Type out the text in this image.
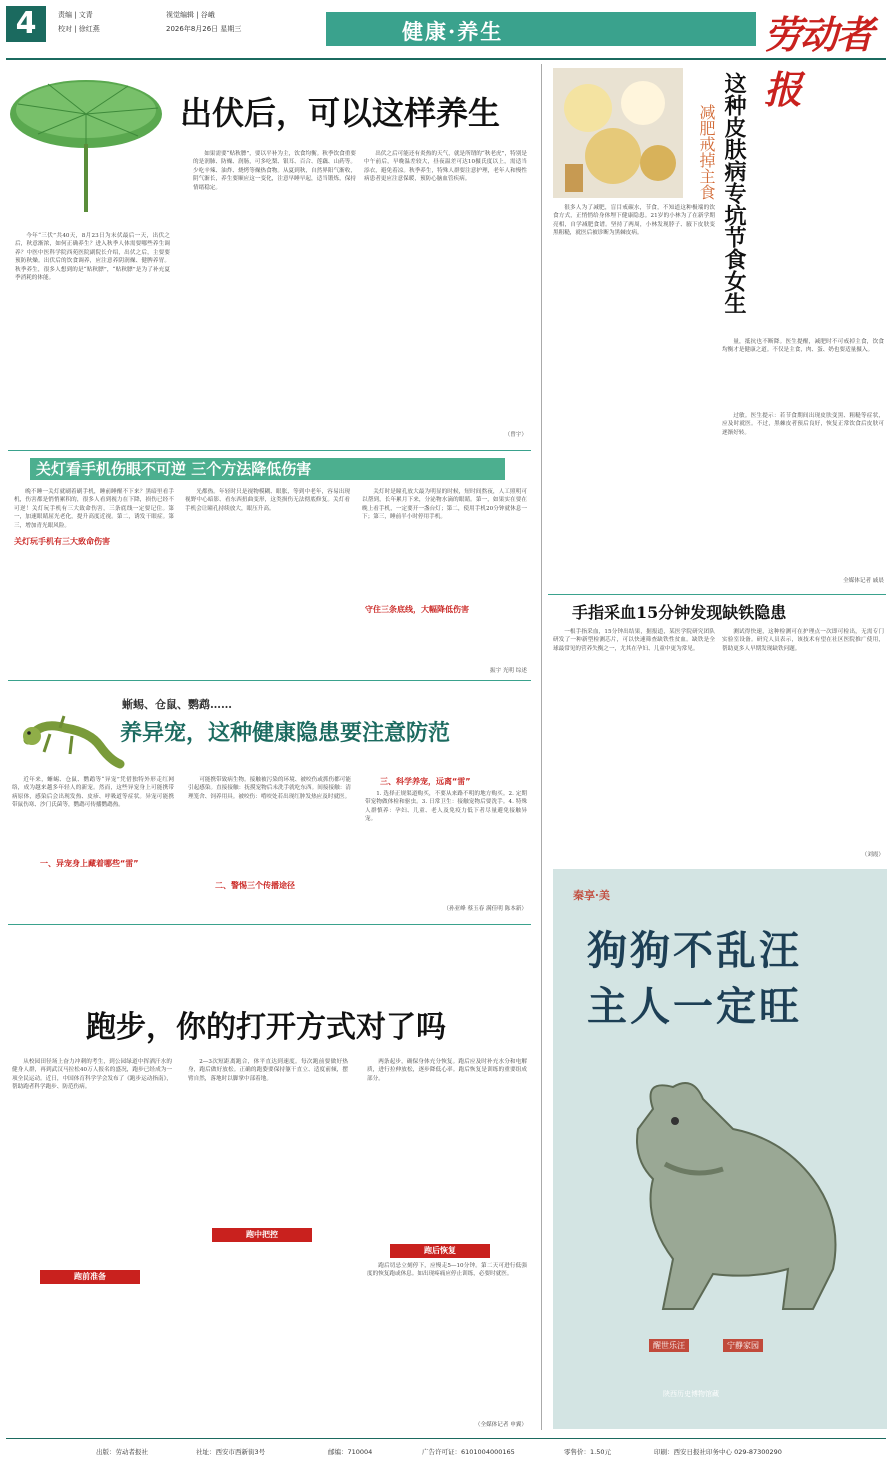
4	责编 | 文青
校对 | 徐红燕
视觉编辑 | 谷峨
2026年8月26日 星期三	健康·养生	劳动者报
出伏后，可以这样养生

今年“三伏”共40天，8月23日为末伏最后一天，出伏之后，秋意渐浓，如何正确养生？进入秋季人体需要哪些养生调养？中医中医科学院西苑医院副院长介绍，出伏之后，主要要预防秋燥。出伏后的饮食调养，应注意养阴润燥、健脾养胃。秋季养生，很多人想到的是“贴秋膘”，“贴秋膘”是为了补充夏季消耗的体能。

如果需要“贴秋膘”，要以平补为主，饮食均衡。秋季饮食重要的是润肺、防燥、润肠，可多吃梨、银耳、百合、莲藕、山药等。少吃辛辣、油炸、烧烤等燥热食物。从夏到秋，自然界阳气渐收，阴气渐长，养生要顺应这一变化，注意早睡早起，适当锻炼，保持情绪稳定。

出伏之后可能还有炎热的天气，就是所谓的“秋老虎”，特别是中午前后，早晚温差较大，昼夜温差可达10摄氏度以上，需适当添衣，避免着凉。秋季养生，特殊人群要注意护理，老年人和慢性病患者更应注意保暖，预防心脑血管疾病。

（曾宇）
关灯看手机伤眼不可逆 三个方法降低伤害
关灯玩手机有三大致命伤害

晚不睡一关灯就刷着刷手机，睡前睡醒不下来？黑暗里看手机，伤害都是悄悄累积的，很多人看到视力在下降，损伤已经不可逆！关灯玩手机有三大致命伤害，三条底线一定要记住。第一，加速眼睛屈光老化，提升高度近视。第二，诱发干眼症。第三，增加青光眼风险。

光都热。年轻时只是视物模糊、眼胀，等到中老年，容易出现视野中心暗影、看东西扭曲变形，这类损伤无法彻底修复。关灯看手机会让瞳孔持续放大，眼压升高。

守住三条底线，大幅降低伤害

关灯时是瞳孔放大最为明显的时候，短时间熬夜，人工照明可以帮到，长年累月下来，分泌物水滴的眼睛。第一，如果实在要在晚上看手机，一定要开一盏台灯；第二，使用手机20分钟就休息一下；第三，睡前半小时停用手机。

振宇 光明 综述
蜥蜴、仓鼠、鹦鹉……
养异宠，这种健康隐患要注意防范

近年来，蜥蜴、仓鼠、鹦鹉等“异宠”凭借独特外形走红网络，成为越来越多年轻人的新宠。然而，这些异宠身上可能携带病原体，感染后会出现发热、皮疹、呼吸道等症状。异宠可能携带鼠伤寒、沙门氏菌等，鹦鹉可传播鹦鹉热。

一、异宠身上藏着哪些“雷”

可能携带致病生物。接触被污染的环境、被咬伤或抓伤都可能引起感染。直接接触：抚摸宠物后未洗手就吃东西。间接接触：清理笼舍、饲养用具。被咬伤：啃咬处若出现红肿发热应及时就医。

二、警惕三个传播途径
三、科学养宠，远离“雷”

1. 选择正规渠道购买，不要从来路不明的地方购买。2. 定期带宠物做体检和驱虫。3. 日常卫生：接触宠物后要洗手。4. 特殊人群慎养：孕妇、儿童、老人及免疫力低下者尽量避免接触异宠。

（孙亚峰 蔡玉春 满佳明 陈本新）
跑步，你的打开方式对了吗

从校园田径场上奋力冲刺的考生，到公园绿道中挥洒汗水的健身人群，再到武汉马拉松40万人报名的盛况，跑步已经成为一项全民运动。近日，中国体育科学学会发布了《跑步运动指南》，帮助跑者科学跑步、防范伤病。

跑前准备

2—3次短距离跑合，体平直达到速度。每次跑前要做好热身，跑后做好放松。正确的跑姿要保持躯干直立、适度前倾，摆臂自然，落地时以脚掌中部着地。

跑中把控

两条起步，确保身体充分恢复。跑后应及时补充水分和电解质，进行拉伸放松，逐步降低心率。跑后恢复是训练的重要组成部分。

跑后恢复

跑后切忌立刻停下，应慢走5—10分钟。第二天可进行低强度的恢复跑或休息。如出现疼痛应停止训练，必要时就医。

（全媒体记者 申翼）
这种皮肤病专坑节食女生
减肥戒掉主食

很多人为了减肥，盲目戒碳水，节食，不知道这种极端的饮食方式，正悄悄给身体埋下健康隐患。21岁的小林为了在新学期亮相，自学减肥食谱。坚持了两周，小林发现脖子、腋下皮肤变黑粗糙，就医后被诊断为黑棘皮病。

量，抵抗也不断降。医生提醒，减肥时不可戒掉主食，饮食均衡才是健康之道。不仅是主食，肉、蛋、奶也要适量摄入。

过敏。医生提示：若节食期间出现皮肤变黑、粗糙等症状，应及时就医。不过，黑棘皮者预后良好，恢复正常饮食后皮肤可逐渐好转。

全媒体记者 戚晨
手指采血15分钟发现缺铁隐患

一根手指采血，15分钟出结果，据报道，某医学院研究团队研发了一种新型检测芯片，可以快速筛查缺铁性贫血。缺铁是全球最常见的营养失衡之一，尤其在孕妇、儿童中更为常见。

测试得快速，这种检测可在护理点一次即可检出，无需专门实验室设备。研究人员表示，该技术有望在社区医院推广使用，帮助更多人早期发现缺铁问题。

（刘霞）
秦享·美
狗狗不乱汪
主人一定旺
醒世乐汪	宁静家园
陕西历史博物馆藏
出版：劳动者报社	社址：西安市西新街3号	邮编：710004	广告许可证：6101004000165	零售价：1.50元	印刷：西安日报社印务中心 029-87300290
